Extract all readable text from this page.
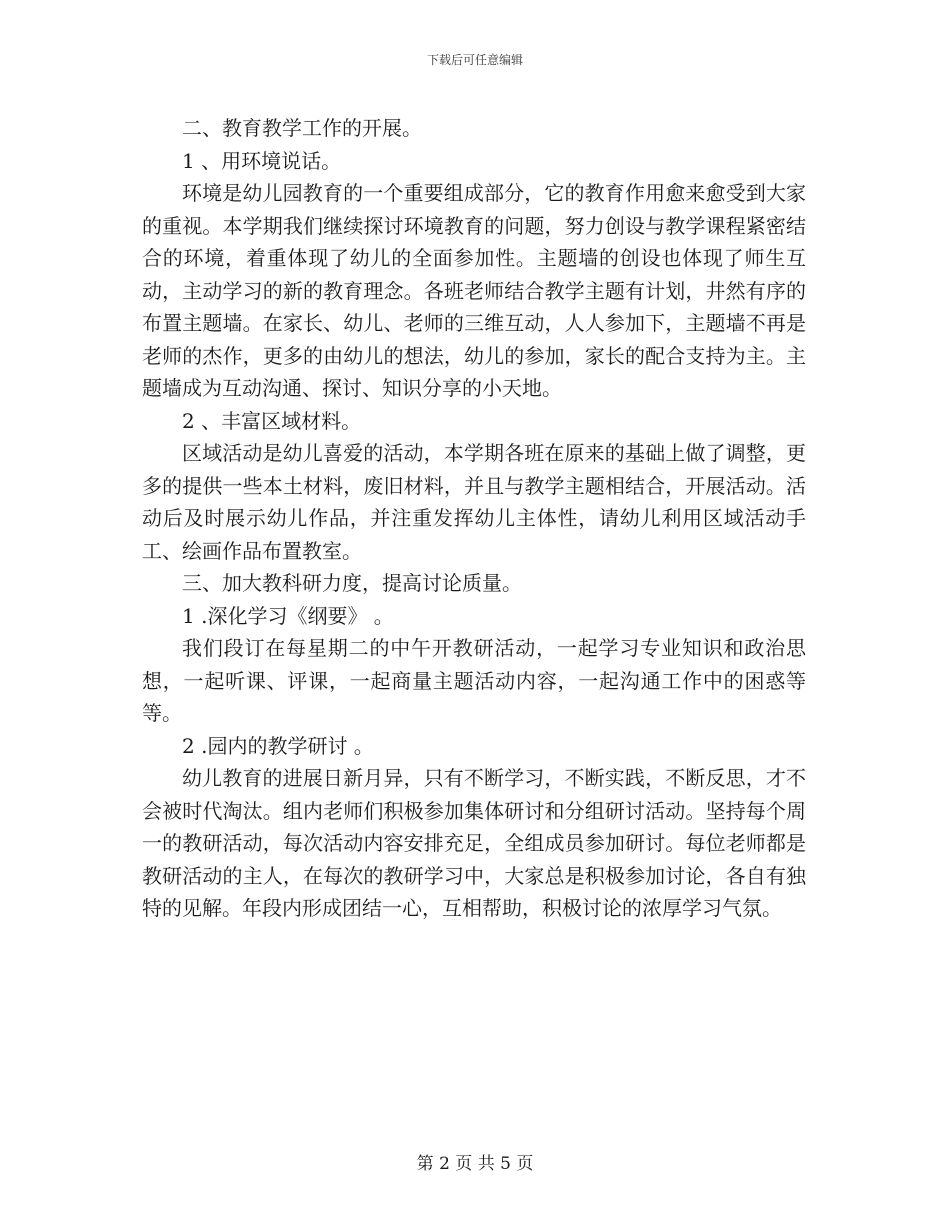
下载后可任意编辑

二、教育教学工作的开展。

1 、用环境说话。

环境是幼儿园教育的一个重要组成部分，它的教育作用愈来愈受到大家的重视。本学期我们继续探讨环境教育的问题，努力创设与教学课程紧密结合的环境，着重体现了幼儿的全面参加性。主题墙的创设也体现了师生互动，主动学习的新的教育理念。各班老师结合教学主题有计划，井然有序的布置主题墙。在家长、幼儿、老师的三维互动，人人参加下，主题墙不再是老师的杰作，更多的由幼儿的想法，幼儿的参加，家长的配合支持为主。主题墙成为互动沟通、探讨、知识分享的小天地。

2 、丰富区域材料。

区域活动是幼儿喜爱的活动，本学期各班在原来的基础上做了调整，更多的提供一些本土材料，废旧材料，并且与教学主题相结合，开展活动。活动后及时展示幼儿作品，并注重发挥幼儿主体性，请幼儿利用区域活动手工、绘画作品布置教室。

三、加大教科研力度，提高讨论质量。

1 .深化学习《纲要》 。

我们段订在每星期二的中午开教研活动，一起学习专业知识和政治思想，一起听课、评课，一起商量主题活动内容，一起沟通工作中的困惑等等。

2 .园内的教学研讨 。

幼儿教育的进展日新月异，只有不断学习，不断实践，不断反思，才不会被时代淘汰。组内老师们积极参加集体研讨和分组研讨活动。坚持每个周一的教研活动，每次活动内容安排充足，全组成员参加研讨。每位老师都是教研活动的主人，在每次的教研学习中，大家总是积极参加讨论，各自有独特的见解。年段内形成团结一心，互相帮助，积极讨论的浓厚学习气氛。

第 2 页 共 5 页
